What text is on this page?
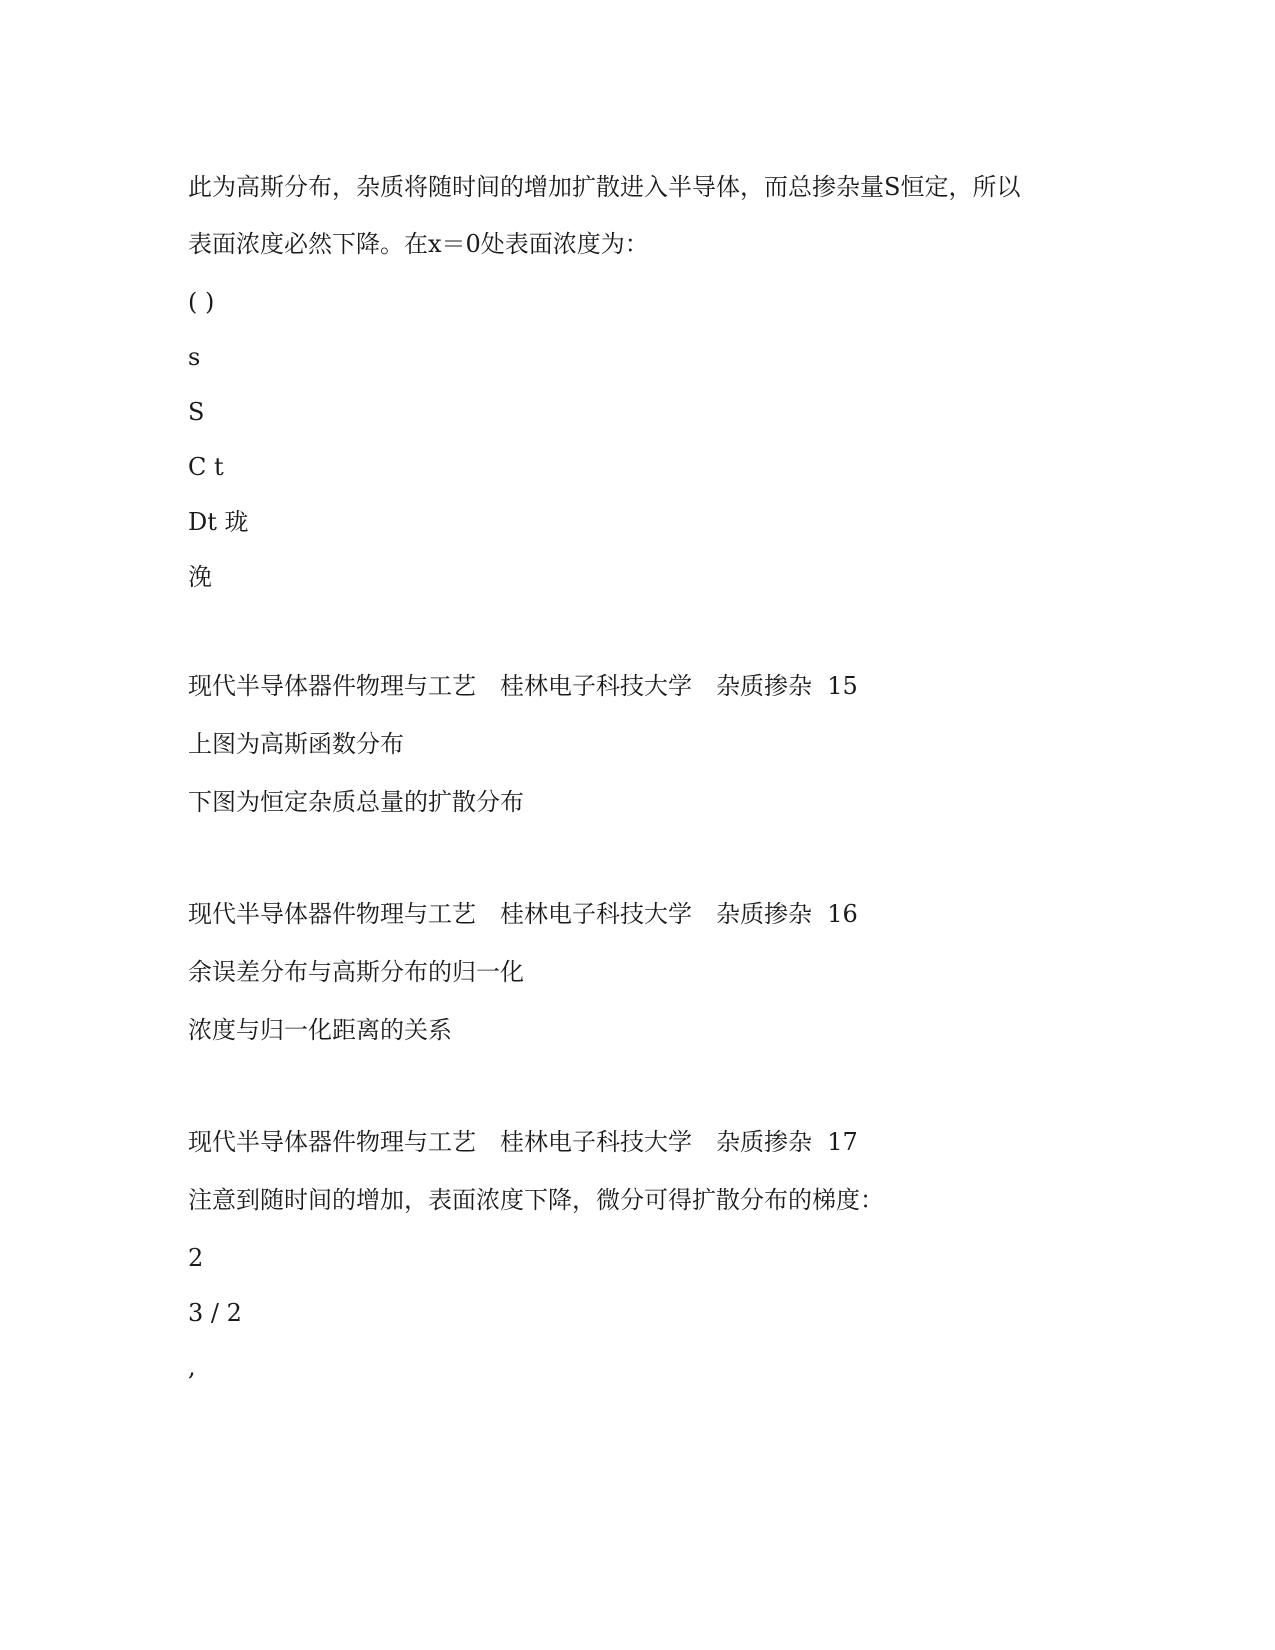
此为高斯分布，杂质将随时间的增加扩散进入半导体，而总掺杂量S恒定，所以
表面浓度必然下降。在x＝0处表面浓度为：
( )
s
S
C t
Dt 珑
浼
现代半导体器件物理与工艺 桂林电子科技大学 杂质掺杂 15
上图为高斯函数分布
下图为恒定杂质总量的扩散分布
现代半导体器件物理与工艺 桂林电子科技大学 杂质掺杂 16
余误差分布与高斯分布的归一化
浓度与归一化距离的关系
现代半导体器件物理与工艺 桂林电子科技大学 杂质掺杂 17
注意到随时间的增加，表面浓度下降，微分可得扩散分布的梯度：
2
3 / 2
,
